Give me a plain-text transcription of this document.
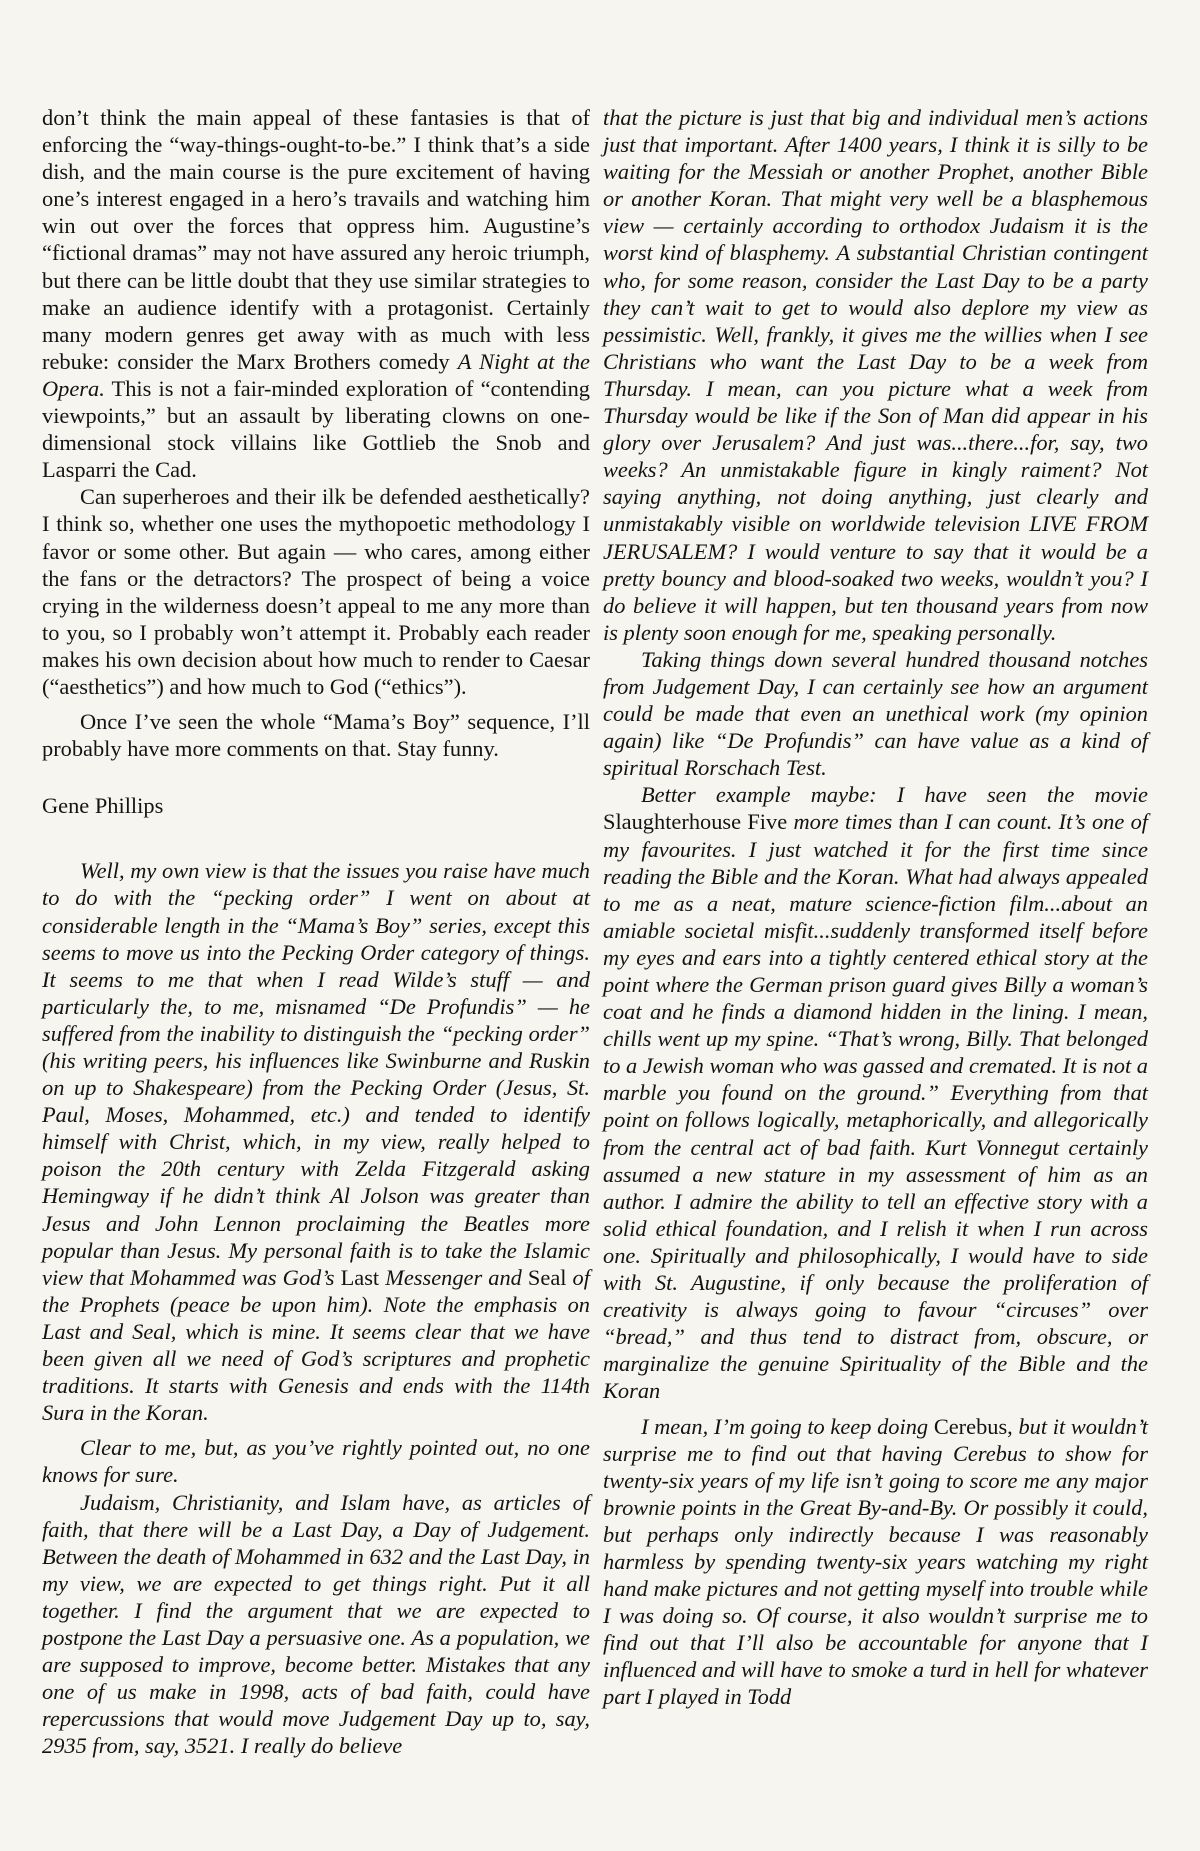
don’t think the main appeal of these fantasies is that of enforcing the “way-things-ought-to-be.” I think that’s a side dish, and the main course is the pure excitement of having one’s interest engaged in a hero’s travails and watching him win out over the forces that oppress him. Augustine’s “fictional dramas” may not have assured any heroic triumph, but there can be little doubt that they use similar strategies to make an audience identify with a protagonist. Certainly many modern genres get away with as much with less rebuke: consider the Marx Brothers comedy A Night at the Opera. This is not a fair-minded exploration of “contending viewpoints,” but an assault by liberating clowns on one-dimensional stock villains like Gottlieb the Snob and Lasparri the Cad.

Can superheroes and their ilk be defended aesthetically? I think so, whether one uses the mythopoetic methodology I favor or some other. But again — who cares, among either the fans or the detractors? The prospect of being a voice crying in the wilderness doesn’t appeal to me any more than to you, so I probably won’t attempt it. Probably each reader makes his own decision about how much to render to Caesar (“aesthetics”) and how much to God (“ethics”).

Once I’ve seen the whole “Mama’s Boy” sequence, I’ll probably have more comments on that. Stay funny.

Gene Phillips

Well, my own view is that the issues you raise have much to do with the “pecking order” I went on about at considerable length in the “Mama’s Boy” series, except this seems to move us into the Pecking Order category of things. It seems to me that when I read Wilde’s stuff — and particularly the, to me, misnamed “De Profundis” — he suffered from the inability to distinguish the “pecking order” (his writing peers, his influences like Swinburne and Ruskin on up to Shakespeare) from the Pecking Order (Jesus, St. Paul, Moses, Mohammed, etc.) and tended to identify himself with Christ, which, in my view, really helped to poison the 20th century with Zelda Fitzgerald asking Hemingway if he didn’t think Al Jolson was greater than Jesus and John Lennon proclaiming the Beatles more popular than Jesus. My personal faith is to take the Islamic view that Mohammed was God’s Last Messenger and Seal of the Prophets (peace be upon him). Note the emphasis on Last and Seal, which is mine. It seems clear that we have been given all we need of God’s scriptures and prophetic traditions. It starts with Genesis and ends with the 114th Sura in the Koran.

Clear to me, but, as you’ve rightly pointed out, no one knows for sure.

Judaism, Christianity, and Islam have, as articles of faith, that there will be a Last Day, a Day of Judgement. Between the death of Mohammed in 632 and the Last Day, in my view, we are expected to get things right. Put it all together. I find the argument that we are expected to postpone the Last Day a persuasive one. As a population, we are supposed to improve, become better. Mistakes that any one of us make in 1998, acts of bad faith, could have repercussions that would move Judgement Day up to, say, 2935 from, say, 3521. I really do believe

that the picture is just that big and individual men’s actions just that important. After 1400 years, I think it is silly to be waiting for the Messiah or another Prophet, another Bible or another Koran. That might very well be a blasphemous view — certainly according to orthodox Judaism it is the worst kind of blasphemy. A substantial Christian contingent who, for some reason, consider the Last Day to be a party they can’t wait to get to would also deplore my view as pessimistic. Well, frankly, it gives me the willies when I see Christians who want the Last Day to be a week from Thursday. I mean, can you picture what a week from Thursday would be like if the Son of Man did appear in his glory over Jerusalem? And just was...there...for, say, two weeks? An unmistakable figure in kingly raiment? Not saying anything, not doing anything, just clearly and unmistakably visible on worldwide television LIVE FROM JERUSALEM? I would venture to say that it would be a pretty bouncy and blood-soaked two weeks, wouldn’t you? I do believe it will happen, but ten thousand years from now is plenty soon enough for me, speaking personally.

Taking things down several hundred thousand notches from Judgement Day, I can certainly see how an argument could be made that even an unethical work (my opinion again) like “De Profundis” can have value as a kind of spiritual Rorschach Test.

Better example maybe: I have seen the movie Slaughterhouse Five more times than I can count. It’s one of my favourites. I just watched it for the first time since reading the Bible and the Koran. What had always appealed to me as a neat, mature science-fiction film...about an amiable societal misfit...suddenly transformed itself before my eyes and ears into a tightly centered ethical story at the point where the German prison guard gives Billy a woman’s coat and he finds a diamond hidden in the lining. I mean, chills went up my spine. “That’s wrong, Billy. That belonged to a Jewish woman who was gassed and cremated. It is not a marble you found on the ground.” Everything from that point on follows logically, metaphorically, and allegorically from the central act of bad faith. Kurt Vonnegut certainly assumed a new stature in my assessment of him as an author. I admire the ability to tell an effective story with a solid ethical foundation, and I relish it when I run across one. Spiritually and philosophically, I would have to side with St. Augustine, if only because the proliferation of creativity is always going to favour “circuses” over “bread,” and thus tend to distract from, obscure, or marginalize the genuine Spirituality of the Bible and the Koran

I mean, I’m going to keep doing Cerebus, but it wouldn’t surprise me to find out that having Cerebus to show for twenty-six years of my life isn’t going to score me any major brownie points in the Great By-and-By. Or possibly it could, but perhaps only indirectly because I was reasonably harmless by spending twenty-six years watching my right hand make pictures and not getting myself into trouble while I was doing so. Of course, it also wouldn’t surprise me to find out that I’ll also be accountable for anyone that I influenced and will have to smoke a turd in hell for whatever part I played in Todd
